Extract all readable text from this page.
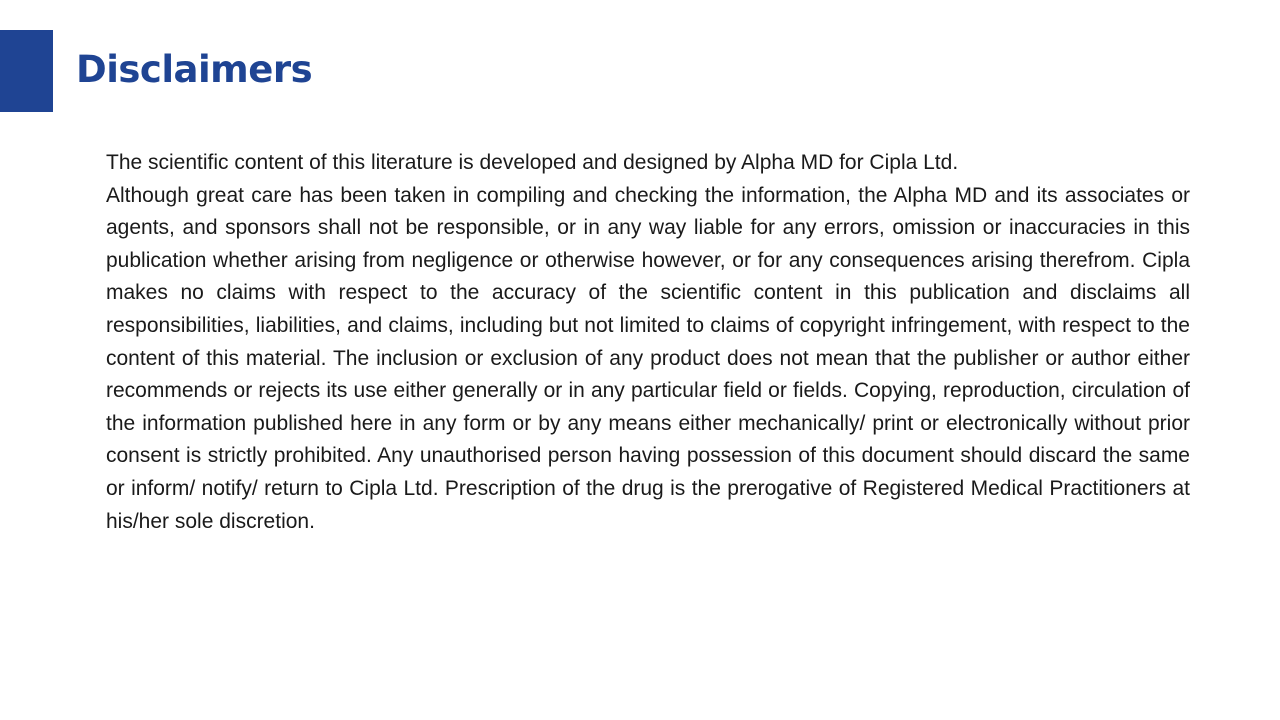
Disclaimers

The scientific content of this literature is developed and designed by Alpha MD for Cipla Ltd.

Although great care has been taken in compiling and checking the information, the Alpha MD and its associates or agents, and sponsors shall not be responsible, or in any way liable for any errors, omission or inaccuracies in this publication whether arising from negligence or otherwise however, or for any consequences arising therefrom. Cipla makes no claims with respect to the accuracy of the scientific content in this publication and disclaims all responsibilities, liabilities, and claims, including but not limited to claims of copyright infringement, with respect to the content of this material. The inclusion or exclusion of any product does not mean that the publisher or author either recommends or rejects its use either generally or in any particular field or fields. Copying, reproduction, circulation of the information published here in any form or by any means either mechanically/ print or electronically without prior consent is strictly prohibited. Any unauthorised person having possession of this document should discard the same or inform/ notify/ return to Cipla Ltd. Prescription of the drug is the prerogative of Registered Medical Practitioners at his/her sole discretion.
